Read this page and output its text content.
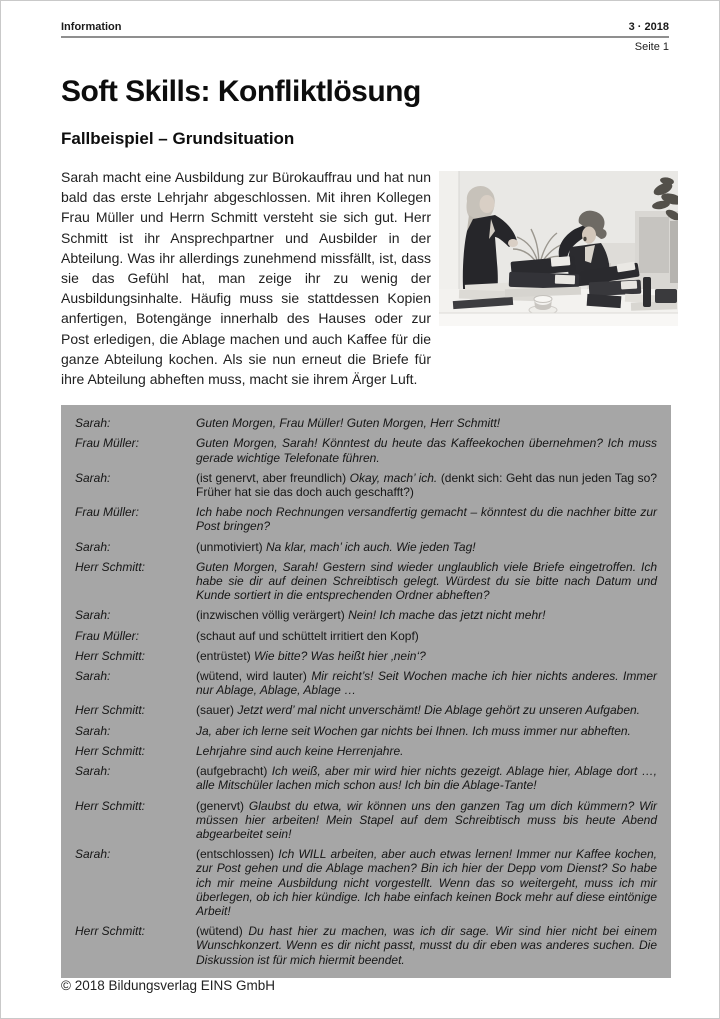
Information	3 · 2018
Seite 1
Soft Skills: Konfliktlösung
Fallbeispiel – Grundsituation
Sarah macht eine Ausbildung zur Bürokauffrau und hat nun bald das erste Lehrjahr abgeschlossen. Mit ihren Kollegen Frau Müller und Herrn Schmitt versteht sie sich gut. Herr Schmitt ist ihr Ansprechpartner und Ausbilder in der Abteilung. Was ihr allerdings zunehmend missfällt, ist, dass sie das Gefühl hat, man zeige ihr zu wenig der Ausbildungsinhalte. Häufig muss sie stattdessen Kopien anfertigen, Botengänge innerhalb des Hauses oder zur Post erledigen, die Ablage machen und auch Kaffee für die ganze Abteilung kochen. Als sie nun erneut die Briefe für ihre Abteilung abheften muss, macht sie ihrem Ärger Luft.
Sarah:	Guten Morgen, Frau Müller! Guten Morgen, Herr Schmitt!
Frau Müller:	Guten Morgen, Sarah! Könntest du heute das Kaffeekochen übernehmen? Ich muss gerade wichtige Telefonate führen.
Sarah:	(ist genervt, aber freundlich) Okay, mach’ ich. (denkt sich: Geht das nun jeden Tag so? Früher hat sie das doch auch geschafft?)
Frau Müller:	Ich habe noch Rechnungen versandfertig gemacht – könntest du die nachher bitte zur Post bringen?
Sarah:	(unmotiviert) Na klar, mach’ ich auch. Wie jeden Tag!
Herr Schmitt:	Guten Morgen, Sarah! Gestern sind wieder unglaublich viele Briefe eingetroffen. Ich habe sie dir auf deinen Schreibtisch gelegt. Würdest du sie bitte nach Datum und Kunde sortiert in die entsprechenden Ordner abheften?
Sarah:	(inzwischen völlig verärgert) Nein! Ich mache das jetzt nicht mehr!
Frau Müller:	(schaut auf und schüttelt irritiert den Kopf)
Herr Schmitt:	(entrüstet) Wie bitte? Was heißt hier ‚nein‘?
Sarah:	(wütend, wird lauter) Mir reicht’s! Seit Wochen mache ich hier nichts anderes. Immer nur Ablage, Ablage, Ablage …
Herr Schmitt:	(sauer) Jetzt werd’ mal nicht unverschämt! Die Ablage gehört zu unseren Aufgaben.
Sarah:	Ja, aber ich lerne seit Wochen gar nichts bei Ihnen. Ich muss immer nur abheften.
Herr Schmitt:	Lehrjahre sind auch keine Herrenjahre.
Sarah:	(aufgebracht) Ich weiß, aber mir wird hier nichts gezeigt. Ablage hier, Ablage dort …, alle Mitschüler lachen mich schon aus! Ich bin die Ablage-Tante!
Herr Schmitt:	(genervt) Glaubst du etwa, wir können uns den ganzen Tag um dich kümmern? Wir müssen hier arbeiten! Mein Stapel auf dem Schreibtisch muss bis heute Abend abgearbeitet sein!
Sarah:	(entschlossen) Ich WILL arbeiten, aber auch etwas lernen! Immer nur Kaffee kochen, zur Post gehen und die Ablage machen? Bin ich hier der Depp vom Dienst? So habe ich mir meine Ausbildung nicht vorgestellt. Wenn das so weitergeht, muss ich mir überlegen, ob ich hier kündige. Ich habe einfach keinen Bock mehr auf diese eintönige Arbeit!
Herr Schmitt:	(wütend) Du hast hier zu machen, was ich dir sage. Wir sind hier nicht bei einem Wunschkonzert. Wenn es dir nicht passt, musst du dir eben was anderes suchen. Die Diskussion ist für mich hiermit beendet.
© 2018 Bildungsverlag EINS GmbH
